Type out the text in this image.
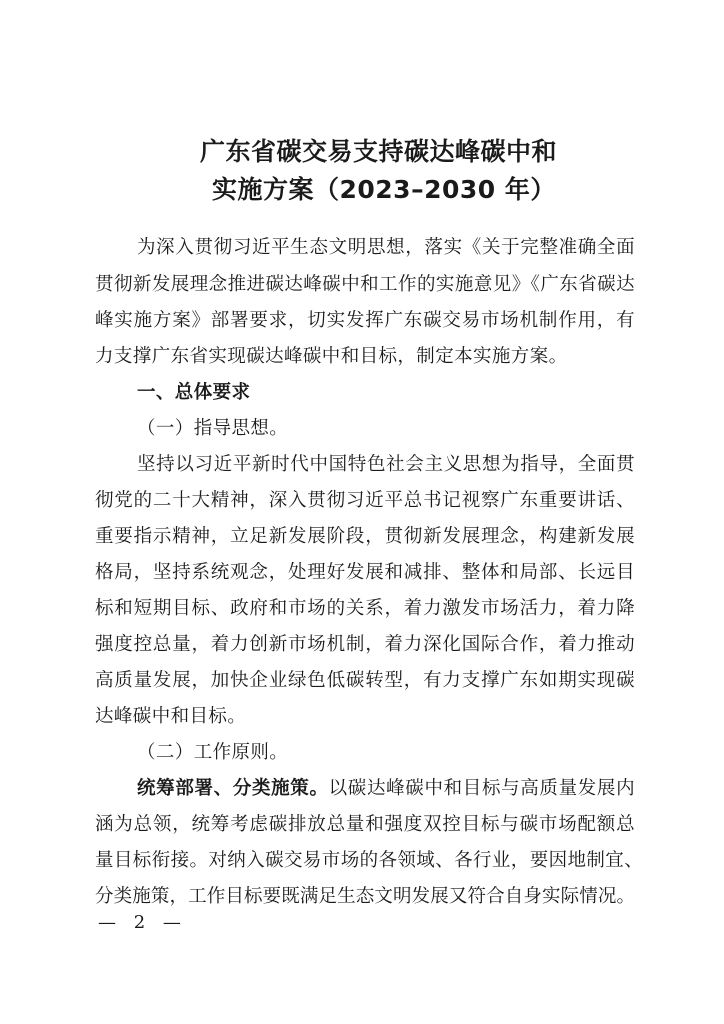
广东省碳交易支持碳达峰碳中和
实施方案（2023–2030 年）
为深入贯彻习近平生态文明思想，落实《关于完整准确全面
贯彻新发展理念推进碳达峰碳中和工作的实施意见》《广东省碳达
峰实施方案》部署要求，切实发挥广东碳交易市场机制作用，有
力支撑广东省实现碳达峰碳中和目标，制定本实施方案。
一、总体要求
（一）指导思想。
坚持以习近平新时代中国特色社会主义思想为指导，全面贯
彻党的二十大精神，深入贯彻习近平总书记视察广东重要讲话、
重要指示精神，立足新发展阶段，贯彻新发展理念，构建新发展
格局，坚持系统观念，处理好发展和减排、整体和局部、长远目
标和短期目标、政府和市场的关系，着力激发市场活力，着力降
强度控总量，着力创新市场机制，着力深化国际合作，着力推动
高质量发展，加快企业绿色低碳转型，有力支撑广东如期实现碳
达峰碳中和目标。
（二）工作原则。
统筹部署、分类施策。以碳达峰碳中和目标与高质量发展内
涵为总领，统筹考虑碳排放总量和强度双控目标与碳市场配额总
量目标衔接。对纳入碳交易市场的各领域、各行业，要因地制宜、
分类施策，工作目标要既满足生态文明发展又符合自身实际情况。
— 2 —
